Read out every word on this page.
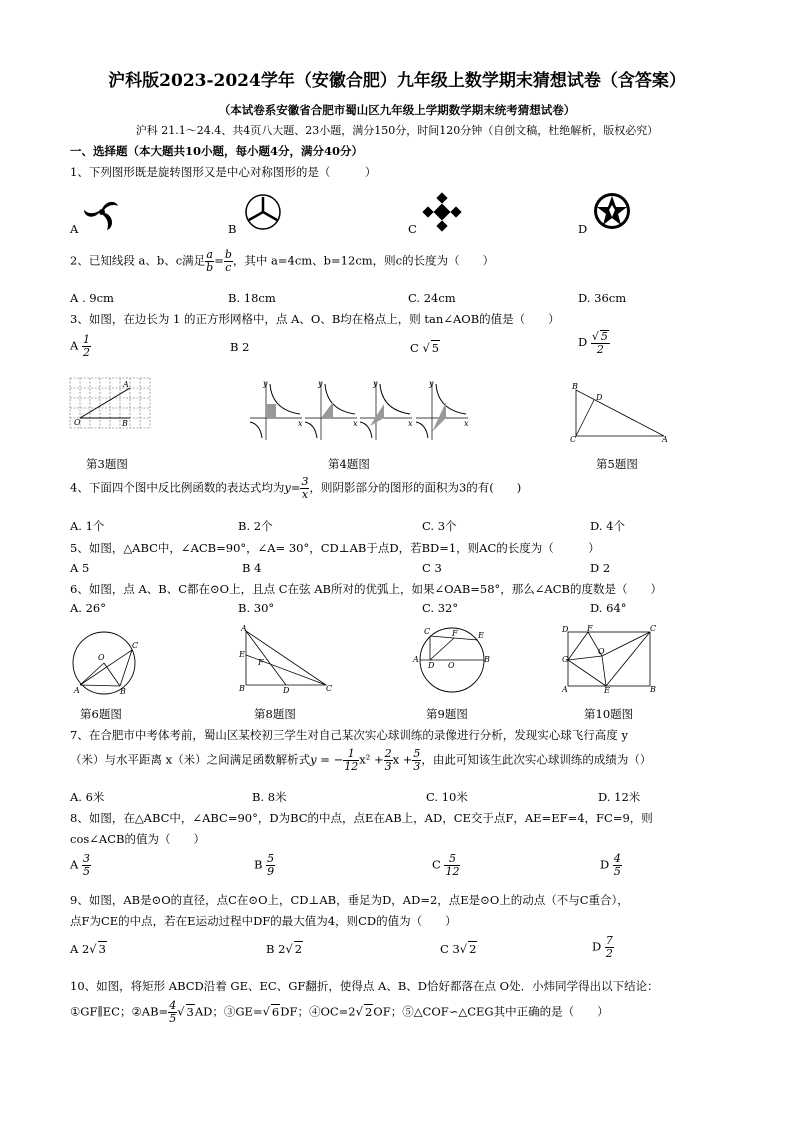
沪科版2023-2024学年（安徽合肥）九年级上数学期末猜想试卷（含答案）
（本试卷系安徽省合肥市蜀山区九年级上学期数学期末统考猜想试卷）
沪科 21.1～24.4、共4页八大题、23小题，满分150分，时间120分钟（自创文稿，杜绝解析，版权必究）
一、选择题（本大题共10小题，每小题4分，满分40分）
1、下列图形既是旋转图形又是中心对称图形的是（　　　）
A	B	C	D
2、已知线段 a、b、c满足 $\frac{a}{b} = \frac{b}{c}$ ，其中 a=4cm、b=12cm，则c的长度为（　　）
A . 9cm	B. 18cm	C. 24cm	D. 36cm
3、如图，在边长为 1 的正方形网格中，点 A、O、B均在格点上，则 tan∠AOB的值是（　　）
A $\frac{1}{2}$	B 2	C √ 5	D $\frac{√ 5}{2}$
A
O	B
第3题图
y
x
y
x
y
x
y
x
第4题图
B
D
C	A
第5题图
4、下面四个图中反比例函数的表达式均为$y= \frac{3}{x}$ ，则阴影部分的图形的面积为3的有(　　)
A. 1个	B. 2个	C. 3个	D. 4个
5、如图，△ABC中，∠ACB=90°，∠A= 30°，CD⊥AB于点D，若BD=1，则AC的长度为（　　　）
A 5	B 4	C 3	D 2
6、如图，点 A、B、C都在⊙O上，且点 C在弦 AB所对的优弧上，如果∠OAB=58°，那么∠ACB的度数是（　　）
A. 26°	B. 30°	C. 32°	D. 64°
O
A	B
C
第6题图
A
E
F
B	D	C
第8题图
C	F	E
A
D O
B
第9题图
D F	C
G
O
A	E	B
第10题图
7、在合肥市中考体考前，蜀山区某校初三学生对自己某次实心球训练的录像进行分析，发现实心球飞行高度 y
（米）与水平距离 x（米）之间满足函数解析式y = − $\frac{1}{12} x^2 + \frac{2}{3}$ $x + \frac{5}{3}$ ，由此可知该生此次实心球训练的成绩为（）
A. 6米	B. 8米	C. 10米	D. 12米
8、如图，在△ABC中，∠ABC=90°，D为BC的中点，点E在AB上，AD，CE交于点F，AE=EF=4，FC=9，则
cos∠ACB的值为（　　）
A $\frac{3}{5}$	B $\frac{5}{9}$	C $\frac{5}{12}$	D $\frac{4}{5}$
9、如图，AB是⊙O的直径，点C在⊙O上，CD⊥AB，垂足为D，AD=2，点E是⊙O上的动点（不与C重合），
点F为CE的中点，若在E运动过程中DF的最大值为4，则CD的值为（　　）
A 2√ 3	B 2√ 2	C 3√ 2	D $\frac{7}{2}$
10、如图，将矩形 ABCD沿着 GE、EC、GF翻折，使得点 A、B、D恰好都落在点 O处．小炜同学得出以下结论：
①GF∥EC；②AB= $\frac{4}{5}$ √ 3AD；③GE=√ 6DF；④OC=2√ 2OF；⑤△COF∽△CEG其中正确的是（　　）
